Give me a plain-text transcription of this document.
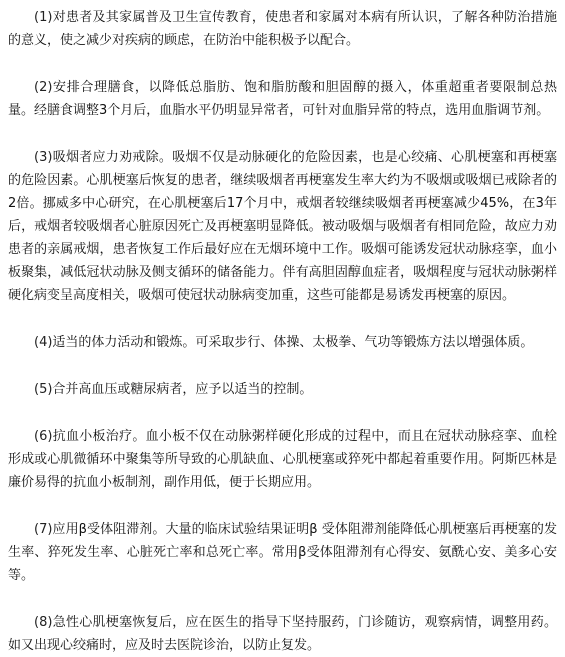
(1)对患者及其家属普及卫生宣传教育，使患者和家属对本病有所认识，了解各种防治措施的意义，使之减少对疾病的顾虑，在防治中能积极予以配合。

(2)安排合理膳食，以降低总脂肪、饱和脂肪酸和胆固醇的摄入，体重超重者要限制总热量。经膳食调整3个月后，血脂水平仍明显异常者，可针对血脂异常的特点，选用血脂调节剂。

(3)吸烟者应力劝戒除。吸烟不仅是动脉硬化的危险因素，也是心绞痛、心肌梗塞和再梗塞的危险因素。心肌梗塞后恢复的患者，继续吸烟者再梗塞发生率大约为不吸烟或吸烟已戒除者的2倍。挪威多中心研究，在心肌梗塞后17个月中，戒烟者较继续吸烟者再梗塞减少45%，在3年后，戒烟者较吸烟者心脏原因死亡及再梗塞明显降低。被动吸烟与吸烟者有相同危险，故应力劝患者的亲属戒烟，患者恢复工作后最好应在无烟环境中工作。吸烟可能诱发冠状动脉痉挛，血小板聚集，减低冠状动脉及侧支循环的储备能力。伴有高胆固醇血症者，吸烟程度与冠状动脉粥样硬化病变呈高度相关，吸烟可使冠状动脉病变加重，这些可能都是易诱发再梗塞的原因。

(4)适当的体力活动和锻炼。可采取步行、体操、太极拳、气功等锻炼方法以增强体质。

(5)合并高血压或糖尿病者，应予以适当的控制。

(6)抗血小板治疗。血小板不仅在动脉粥样硬化形成的过程中，而且在冠状动脉痉挛、血栓形成或心肌微循环中聚集等所导致的心肌缺血、心肌梗塞或猝死中都起着重要作用。阿斯匹林是廉价易得的抗血小板制剂，副作用低，便于长期应用。

(7)应用β受体阻滞剂。大量的临床试验结果证明β 受体阻滞剂能降低心肌梗塞后再梗塞的发生率、猝死发生率、心脏死亡率和总死亡率。常用β受体阻滞剂有心得安、氨酰心安、美多心安等。

(8)急性心肌梗塞恢复后，应在医生的指导下坚持服药，门诊随访，观察病情，调整用药。如又出现心绞痛时，应及时去医院诊治，以防止复发。
